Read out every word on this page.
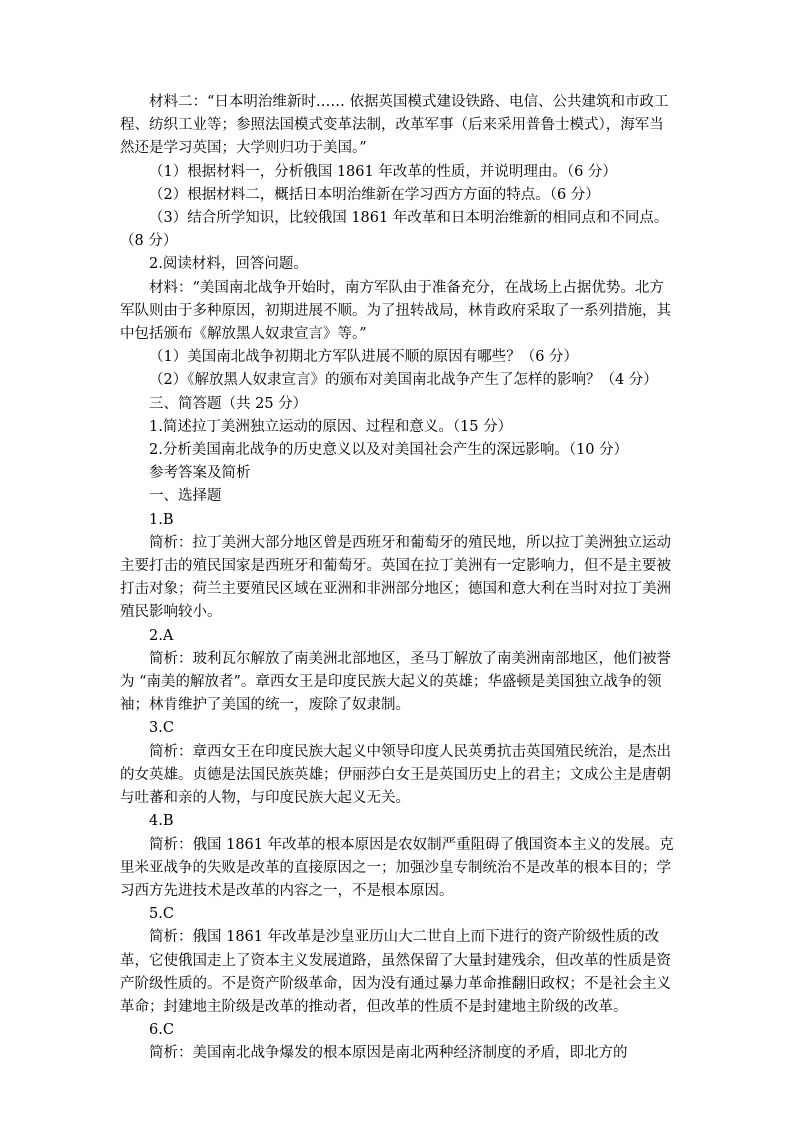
材料二：“日本明治维新时…… 依据英国模式建设铁路、电信、公共建筑和市政工程、纺织工业等；参照法国模式变革法制，改革军事（后来采用普鲁士模式），海军当然还是学习英国；大学则归功于美国。”

（1）根据材料一，分析俄国 1861 年改革的性质，并说明理由。（6 分）

（2）根据材料二，概括日本明治维新在学习西方方面的特点。（6 分）

（3）结合所学知识，比较俄国 1861 年改革和日本明治维新的相同点和不同点。（8 分）

2.阅读材料，回答问题。

材料：“美国南北战争开始时，南方军队由于准备充分，在战场上占据优势。北方军队则由于多种原因，初期进展不顺。为了扭转战局，林肯政府采取了一系列措施，其中包括颁布《解放黑人奴隶宣言》等。”

（1）美国南北战争初期北方军队进展不顺的原因有哪些？（6 分）

（2）《解放黑人奴隶宣言》的颁布对美国南北战争产生了怎样的影响？（4 分）

三、简答题（共 25 分）

1.简述拉丁美洲独立运动的原因、过程和意义。（15 分）

2.分析美国南北战争的历史意义以及对美国社会产生的深远影响。（10 分）

参考答案及简析

一、选择题

1.B

简析：拉丁美洲大部分地区曾是西班牙和葡萄牙的殖民地，所以拉丁美洲独立运动主要打击的殖民国家是西班牙和葡萄牙。英国在拉丁美洲有一定影响力，但不是主要被打击对象；荷兰主要殖民区域在亚洲和非洲部分地区；德国和意大利在当时对拉丁美洲殖民影响较小。

2.A

简析：玻利瓦尔解放了南美洲北部地区，圣马丁解放了南美洲南部地区，他们被誉为 “南美的解放者”。章西女王是印度民族大起义的英雄；华盛顿是美国独立战争的领袖；林肯维护了美国的统一，废除了奴隶制。

3.C

简析：章西女王在印度民族大起义中领导印度人民英勇抗击英国殖民统治，是杰出的女英雄。贞德是法国民族英雄；伊丽莎白女王是英国历史上的君主；文成公主是唐朝与吐蕃和亲的人物，与印度民族大起义无关。

4.B

简析：俄国 1861 年改革的根本原因是农奴制严重阻碍了俄国资本主义的发展。克里米亚战争的失败是改革的直接原因之一；加强沙皇专制统治不是改革的根本目的；学习西方先进技术是改革的内容之一，不是根本原因。

5.C

简析：俄国 1861 年改革是沙皇亚历山大二世自上而下进行的资产阶级性质的改革，它使俄国走上了资本主义发展道路，虽然保留了大量封建残余，但改革的性质是资产阶级性质的。不是资产阶级革命，因为没有通过暴力革命推翻旧政权；不是社会主义革命；封建地主阶级是改革的推动者，但改革的性质不是封建地主阶级的改革。

6.C

简析：美国南北战争爆发的根本原因是南北两种经济制度的矛盾，即北方的
